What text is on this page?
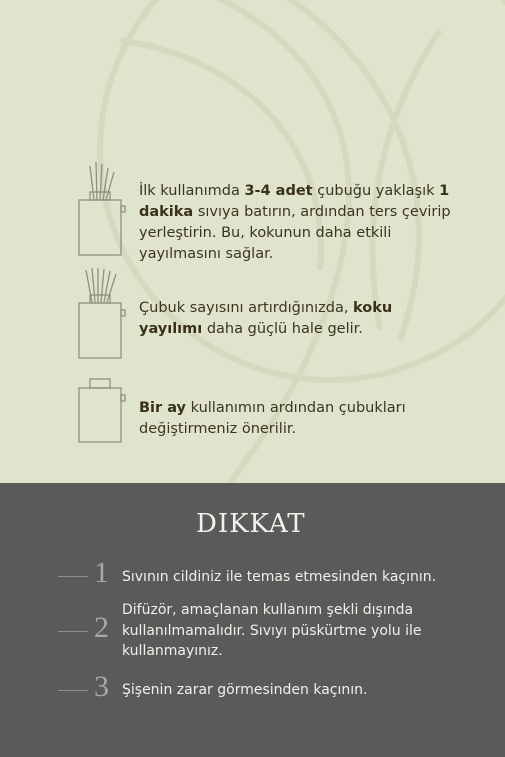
İlk kullanımda 3-4 adet çubuğu yaklaşık 1 dakika sıvıya batırın, ardından ters çevirip yerleştirin. Bu, kokunun daha etkili yayılmasını sağlar.
Çubuk sayısını artırdığınızda, koku yayılımı daha güçlü hale gelir.
Bir ay kullanımın ardından çubukları değiştirmeniz önerilir.
DIKKAT
1 Sıvının cildiniz ile temas etmesinden kaçının.
2
Difüzör, amaçlanan kullanım şekli dışında kullanılmamalıdır. Sıvıyı püskürtme yolu ile kullanmayınız.
3 Şişenin zarar görmesinden kaçının.
